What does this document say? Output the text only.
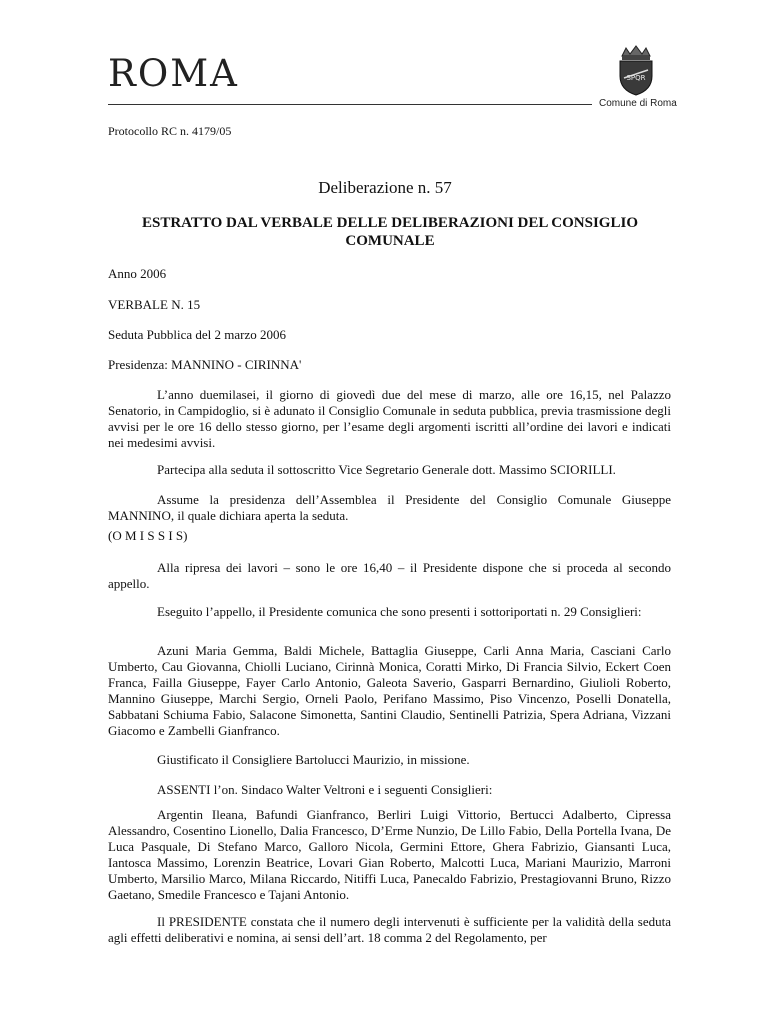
ROMA	SPQR
Comune di Roma
Protocollo RC n. 4179/05
Deliberazione n. 57
ESTRATTO DAL VERBALE DELLE DELIBERAZIONI DEL CONSIGLIO COMUNALE
Anno 2006
VERBALE N. 15
Seduta Pubblica del 2 marzo 2006
Presidenza: MANNINO - CIRINNA'

L’anno duemilasei, il giorno di giovedì due del mese di marzo, alle ore 16,15, nel Palazzo Senatorio, in Campidoglio, si è adunato il Consiglio Comunale in seduta pubblica, previa trasmissione degli avvisi per le ore 16 dello stesso giorno, per l’esame degli argomenti iscritti all’ordine dei lavori e indicati nei medesimi avvisi.

Partecipa alla seduta il sottoscritto Vice Segretario Generale dott. Massimo SCIORILLI.

Assume la presidenza dell’Assemblea il Presidente del Consiglio Comunale Giuseppe MANNINO, il quale dichiara aperta la seduta.

(O M I S S I S)

Alla ripresa dei lavori – sono le ore 16,40 – il Presidente dispone che si proceda al secondo appello.

Eseguito l’appello, il Presidente comunica che sono presenti i sottoriportati n. 29 Consiglieri:

Azuni Maria Gemma, Baldi Michele, Battaglia Giuseppe, Carli Anna Maria, Casciani Carlo Umberto, Cau Giovanna, Chiolli Luciano, Cirinnà Monica, Coratti Mirko, Di Francia Silvio, Eckert Coen Franca, Failla Giuseppe, Fayer Carlo Antonio, Galeota Saverio, Gasparri Bernardino, Giulioli Roberto, Mannino Giuseppe, Marchi Sergio, Orneli Paolo, Perifano Massimo, Piso Vincenzo, Poselli Donatella, Sabbatani Schiuma Fabio, Salacone Simonetta, Santini Claudio, Sentinelli Patrizia, Spera Adriana, Vizzani Giacomo e Zambelli Gianfranco.

Giustificato il Consigliere Bartolucci Maurizio, in missione.

ASSENTI l’on. Sindaco Walter Veltroni e i seguenti Consiglieri:

Argentin Ileana, Bafundi Gianfranco, Berliri Luigi Vittorio, Bertucci Adalberto, Cipressa Alessandro, Cosentino Lionello, Dalia Francesco, D’Erme Nunzio, De Lillo Fabio, Della Portella Ivana, De Luca Pasquale, Di Stefano Marco, Galloro Nicola, Germini Ettore, Ghera Fabrizio, Giansanti Luca, Iantosca Massimo, Lorenzin Beatrice, Lovari Gian Roberto, Malcotti Luca, Mariani Maurizio, Marroni Umberto, Marsilio Marco, Milana Riccardo, Nitiffi Luca, Panecaldo Fabrizio, Prestagiovanni Bruno, Rizzo Gaetano, Smedile Francesco e Tajani Antonio.

Il PRESIDENTE constata che il numero degli intervenuti è sufficiente per la validità della seduta agli effetti deliberativi e nomina, ai sensi dell’art. 18 comma 2 del Regolamento, per
